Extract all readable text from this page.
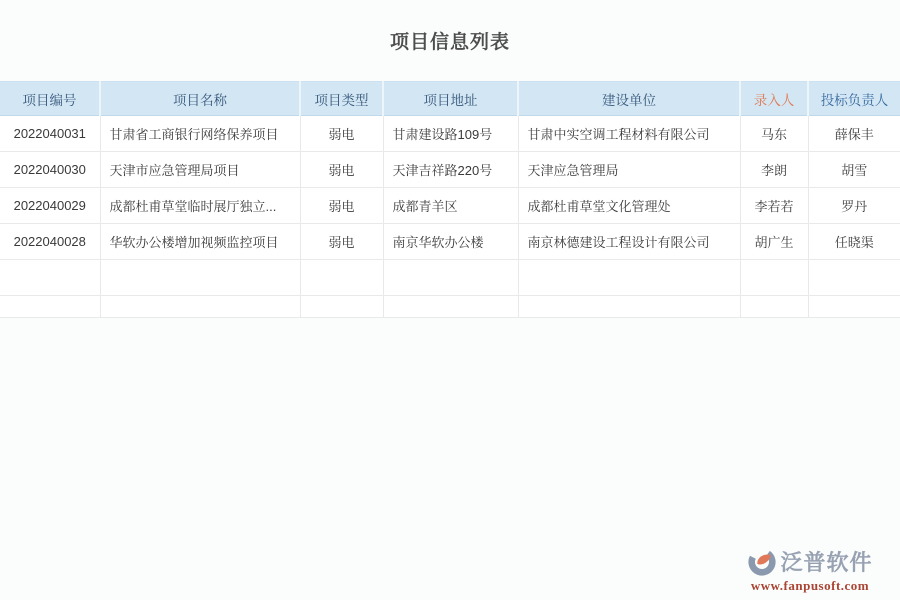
项目信息列表
项目编号	项目名称	项目类型	项目地址	建设单位	录入人	投标负责人
2022040031	甘肃省工商银行网络保养项目	弱电	甘肃建设路109号	甘肃中实空调工程材料有限公司	马东	薛保丰
2022040030	天津市应急管理局项目	弱电	天津吉祥路220号	天津应急管理局	李朗	胡雪
2022040029	成都杜甫草堂临时展厅独立...	弱电	成都青羊区	成都杜甫草堂文化管理处	李若若	罗丹
2022040028	华软办公楼增加视频监控项目	弱电	南京华软办公楼	南京林德建设工程设计有限公司	胡广生	任晓渠

泛普软件
www.fanpusoft.com
